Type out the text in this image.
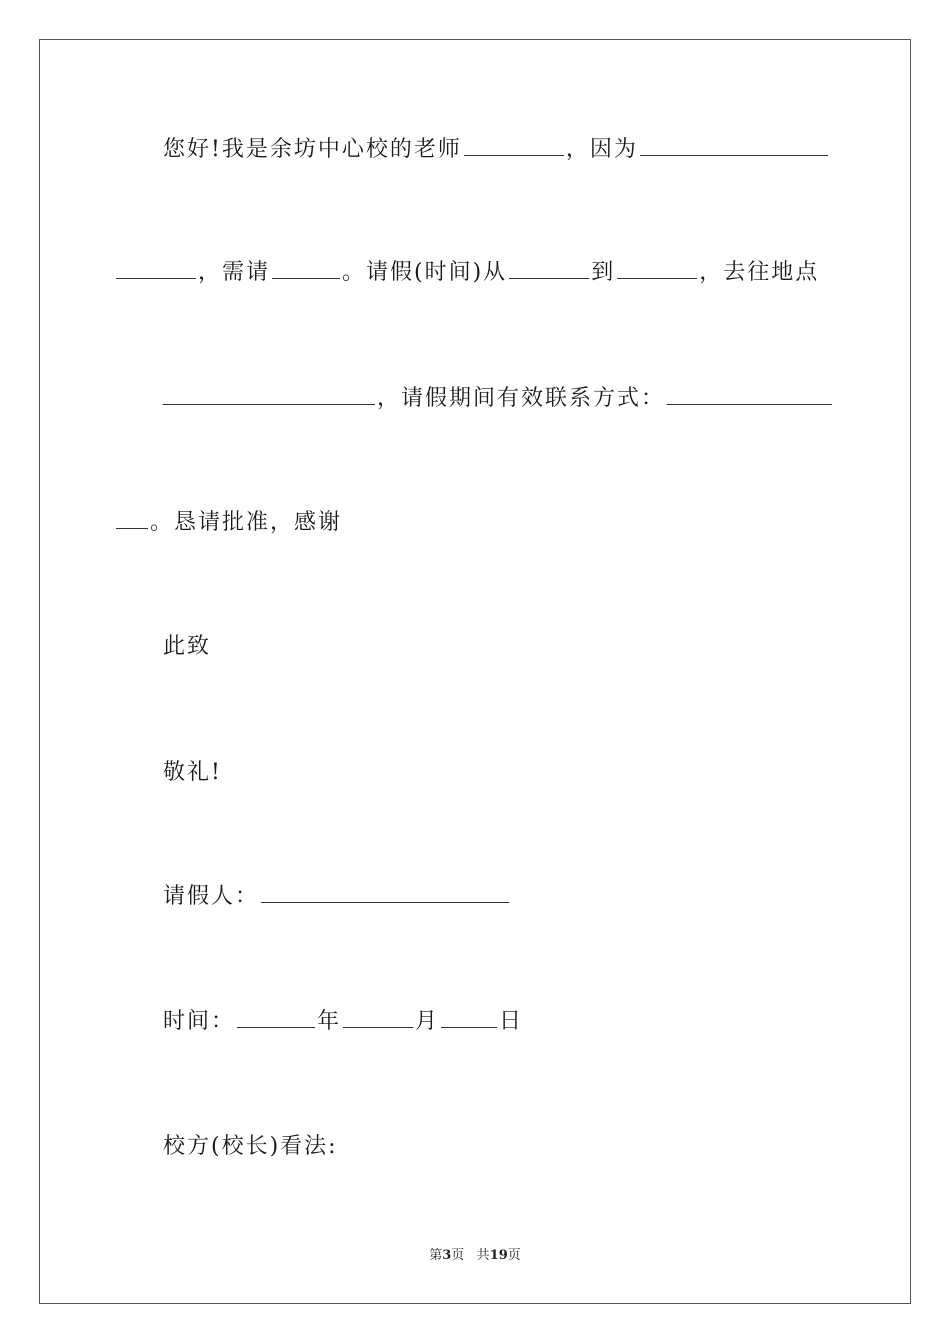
您好!我是余坊中心校的老师	，因为
，需请	。请假(时间)从	到	，去往地点
，请假期间有效联系方式：
。恳请批准，感谢
此致
敬礼!
请假人：
时间：	年	月	日
校方(校长)看法:
第3页 共19页
